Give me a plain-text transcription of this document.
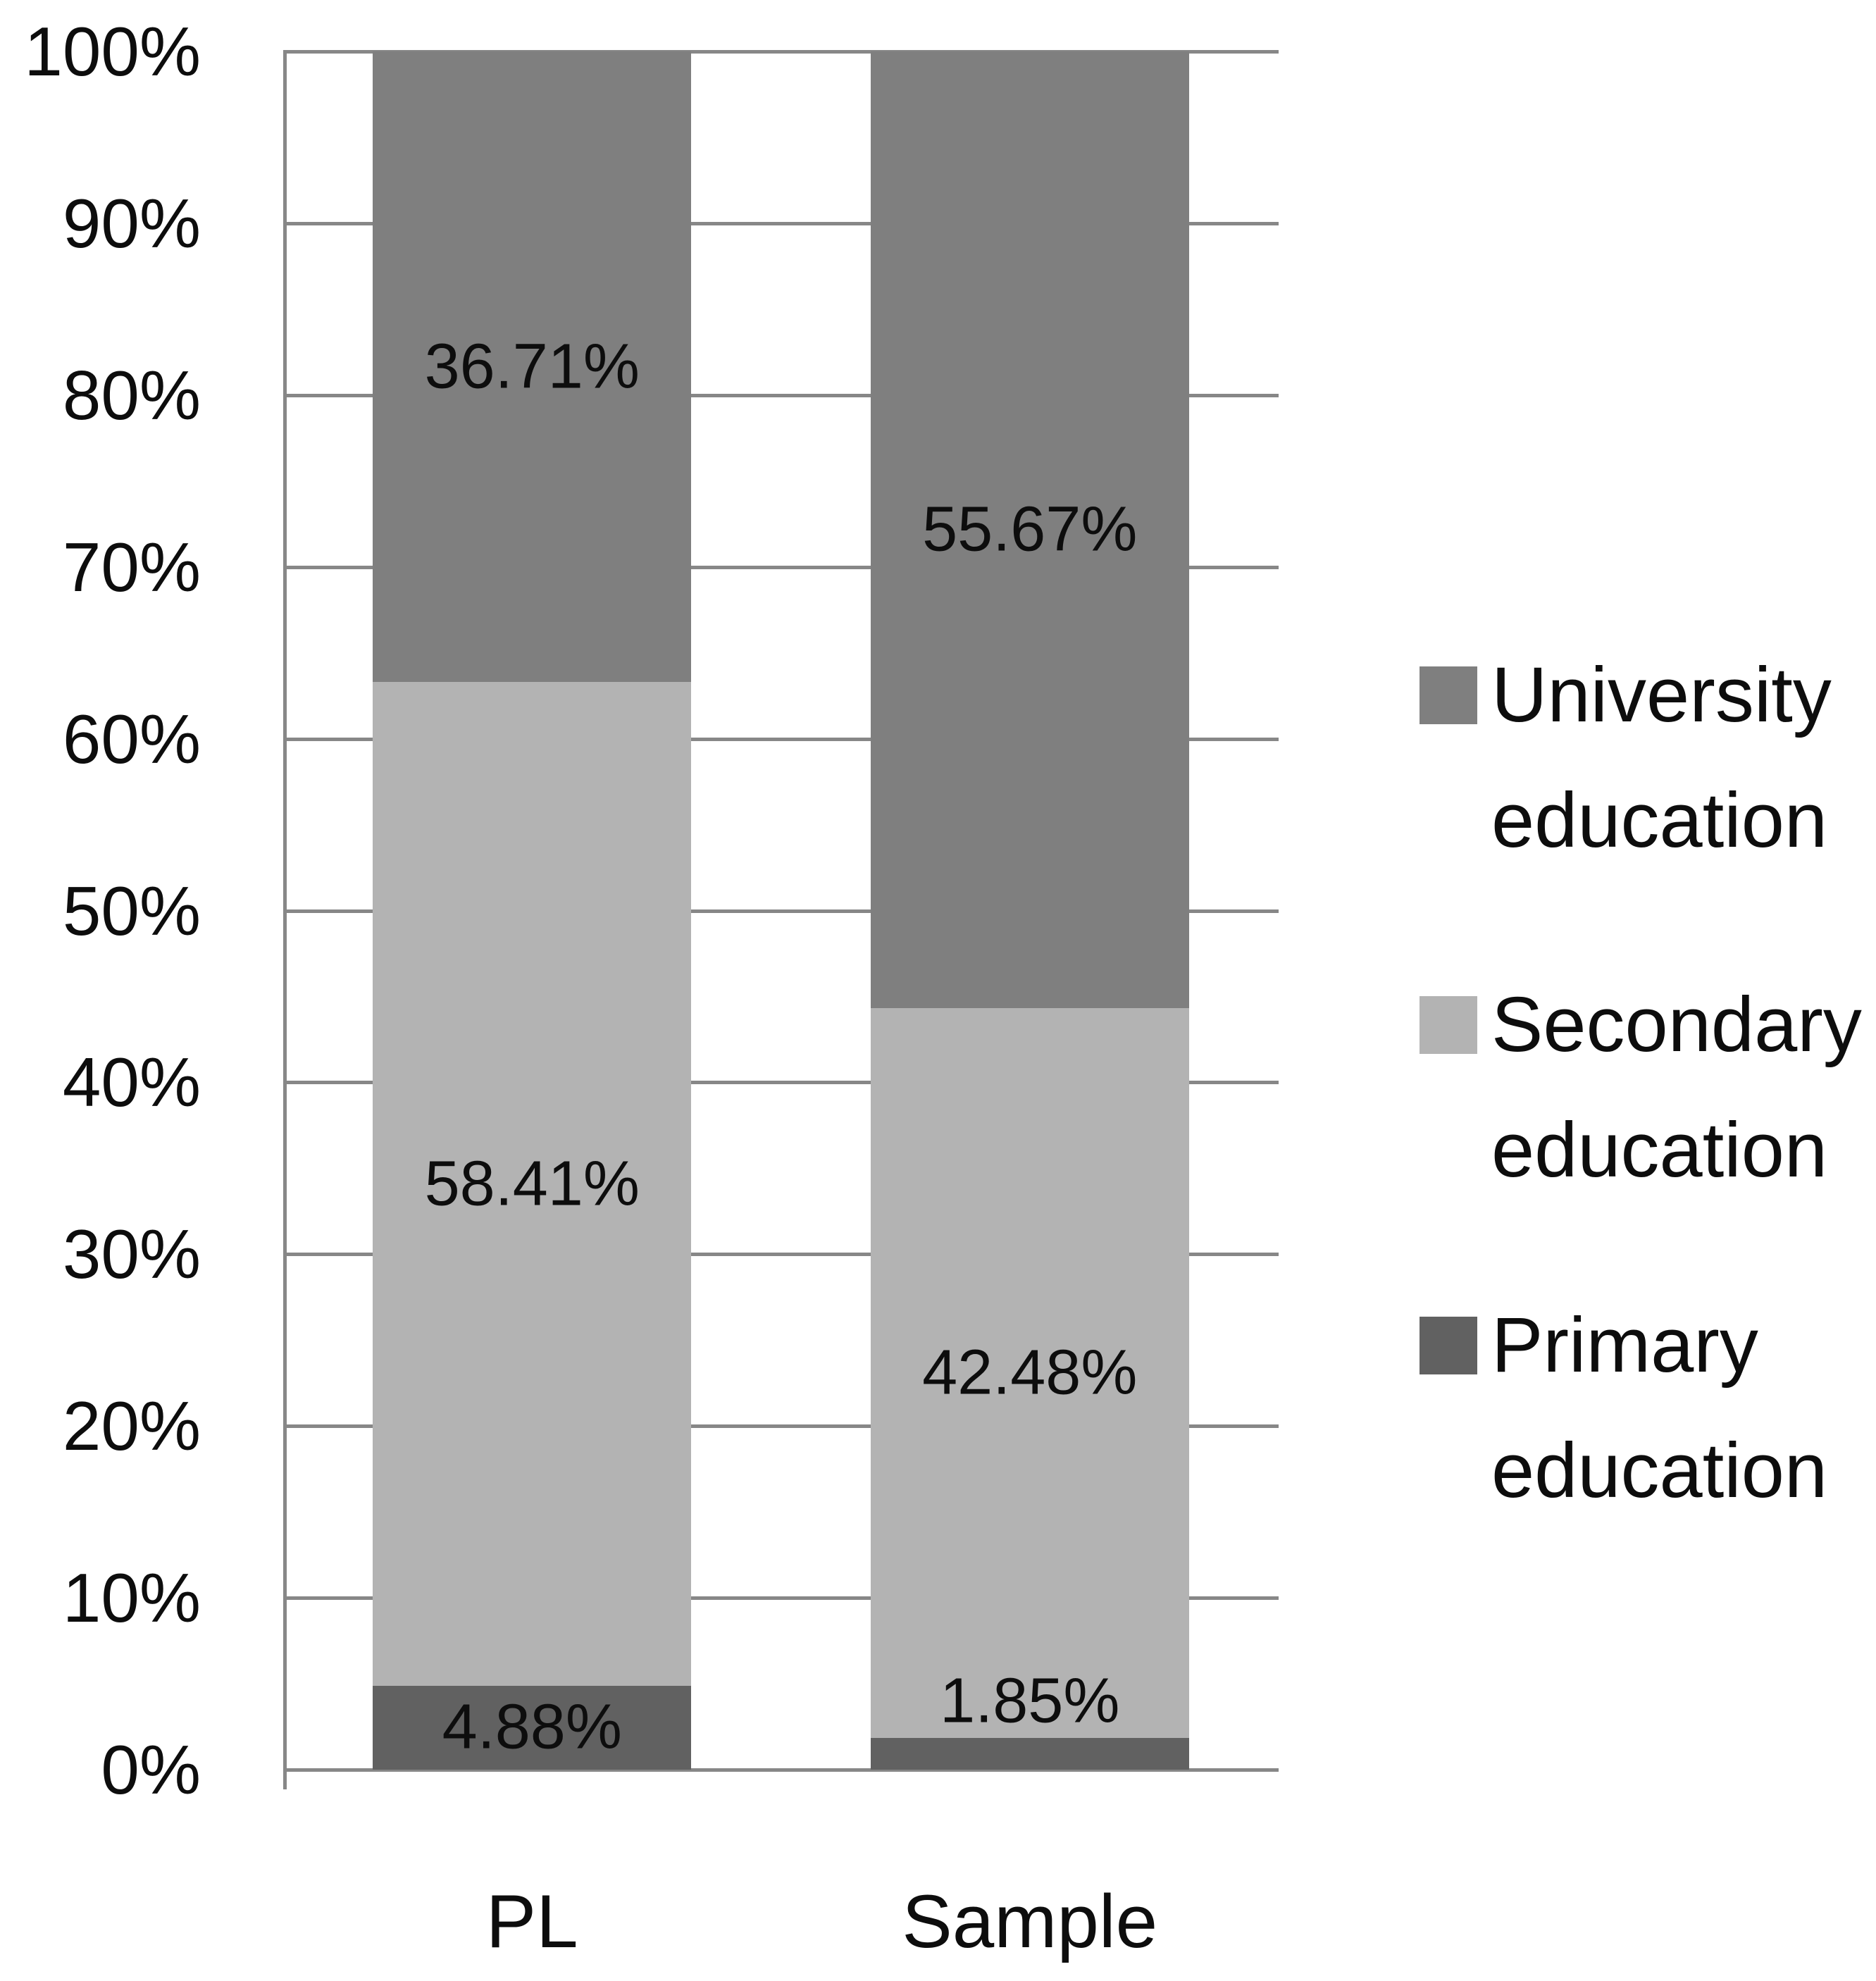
100%
90%
80%
70%
60%
50%
40%
30%
20%
10%
0%
4.88%
58.41%
36.71%
PL
1.85%
42.48%
55.67%
Sample
University education
Secondary education
Primary education
